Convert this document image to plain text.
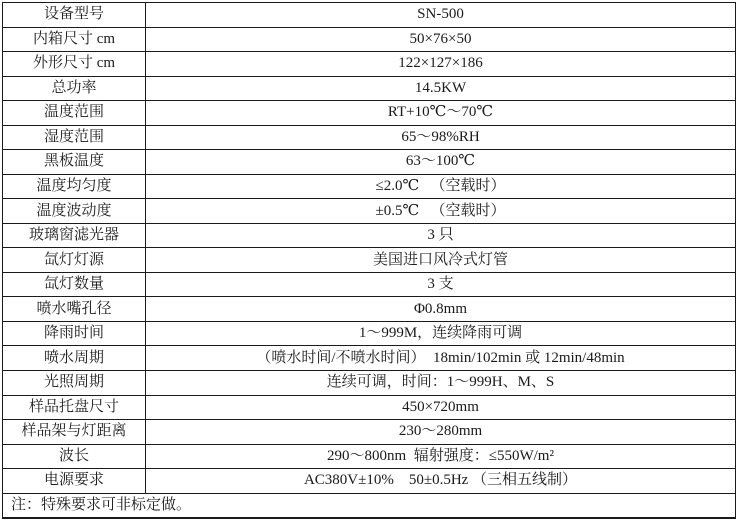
设备型号	SN-500
内箱尺寸 cm	50×76×50
外形尺寸 cm	122×127×186
总功率	14.5KW
温度范围	RT+10℃～70℃
湿度范围	65～98%RH
黑板温度	63～100℃
温度均匀度	≤2.0℃   （空载时）
温度波动度	±0.5℃   （空载时）
玻璃窗滤光器	3 只
氙灯灯源	美国进口风冷式灯管
氙灯数量	3 支
喷水嘴孔径	Φ0.8mm
降雨时间	1～999M，连续降雨可调
喷水周期	（喷水时间/不喷水时间）  18min/102min 或 12min/48min
光照周期	连续可调，时间：1～999H、M、S
样品托盘尺寸	450×720mm
样品架与灯距离	230～280mm
波长	290～800nm  辐射强度：≤550W/m²
电源要求	AC380V±10%    50±0.5Hz （三相五线制）
注：特殊要求可非标定做。
